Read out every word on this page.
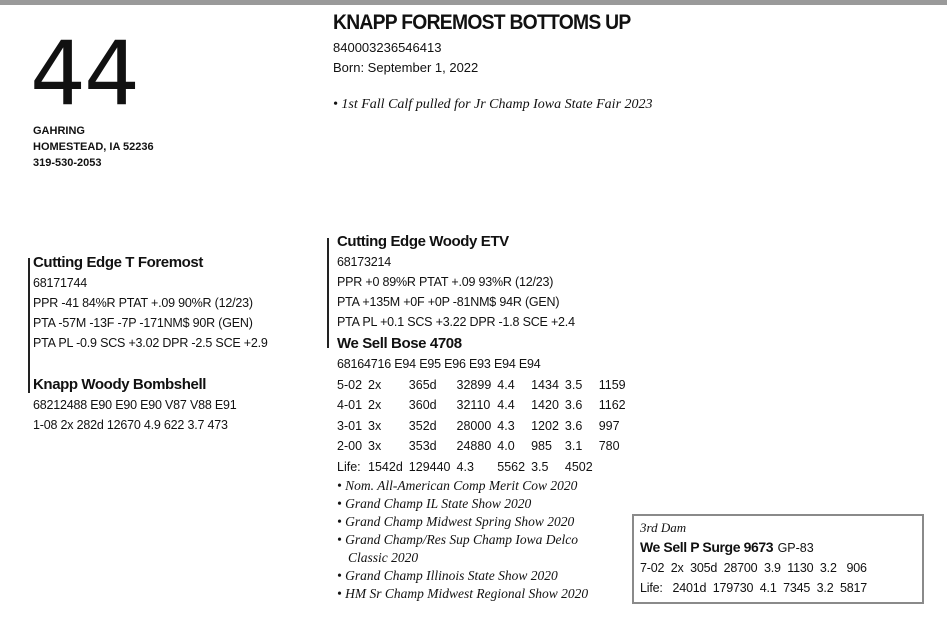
44
GAHRING
HOMESTEAD, IA 52236
319-530-2053
KNAPP FOREMOST BOTTOMS UP
840003236546413
Born: September 1, 2022
• 1st Fall Calf pulled for Jr Champ Iowa State Fair 2023
Cutting Edge T Foremost
68171744
PPR -41 84%R PTAT +.09 90%R (12/23)
PTA -57M -13F -7P -171NM$ 90R (GEN)
PTA PL -0.9 SCS +3.02 DPR -2.5 SCE +2.9
Knapp Woody Bombshell
68212488 E90 E90 E90 V87 V88 E91
1-08 2x 282d 12670 4.9 622 3.7 473
Cutting Edge Woody ETV
68173214
PPR +0 89%R PTAT +.09 93%R (12/23)
PTA +135M +0F +0P -81NM$ 94R (GEN)
PTA PL +0.1 SCS +3.22 DPR -1.8 SCE +2.4
We Sell Bose 4708
68164716 E94 E95 E96 E93 E94 E94
5-02	2x	365d	32899	4.4	1434	3.5	1159
4-01	2x	360d	32110	4.4	1420	3.6	1162
3-01	3x	352d	28000	4.3	1202	3.6	997
2-00	3x	353d	24880	4.0	985	3.1	780
Life:	1542d	129440	4.3	5562	3.5	4502	
• Nom. All-American Comp Merit Cow 2020
• Grand Champ IL State Show 2020
• Grand Champ Midwest Spring Show 2020
• Grand Champ/Res Sup Champ Iowa Delco
Classic 2020
• Grand Champ Illinois State Show 2020
• HM Sr Champ Midwest Regional Show 2020
3rd Dam
We Sell P Surge 9673 GP-83
7-02  2x  305d  28700  3.9  1130  3.2   906
Life:   2401d  179730  4.1  7345  3.2  5817
